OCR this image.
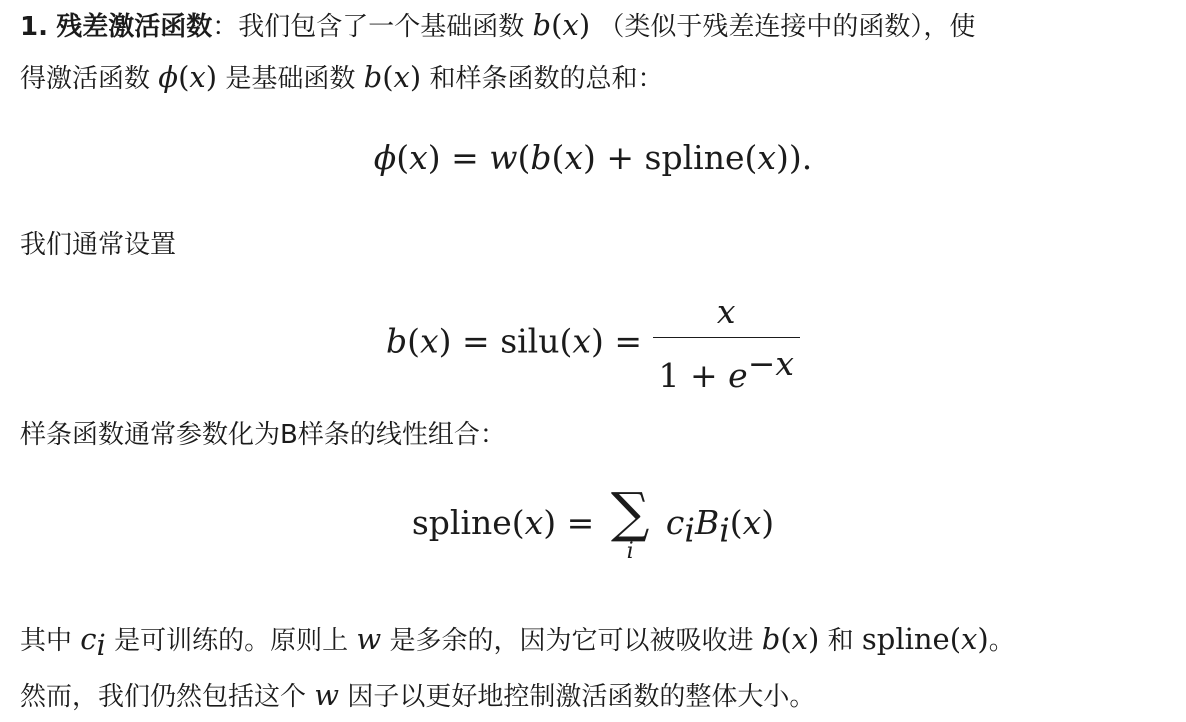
1. 残差激活函数：我们包含了一个基础函数 b(x) （类似于残差连接中的函数），使
得激活函数 ϕ(x) 是基础函数 b(x) 和样条函数的总和：
ϕ(x) = w(b(x) + spline(x)).
我们通常设置
b(x) = silu(x) = $\frac{x}{1 + e^{-x}}$
样条函数通常参数化为B样条的线性组合：
spline(x) = ∑
i
$c_iB_i(x)$
其中 $c_i$ 是可训练的。原则上 w 是多余的，因为它可以被吸收进 b(x) 和 spline(x)。
然而，我们仍然包括这个 w 因子以更好地控制激活函数的整体大小。
